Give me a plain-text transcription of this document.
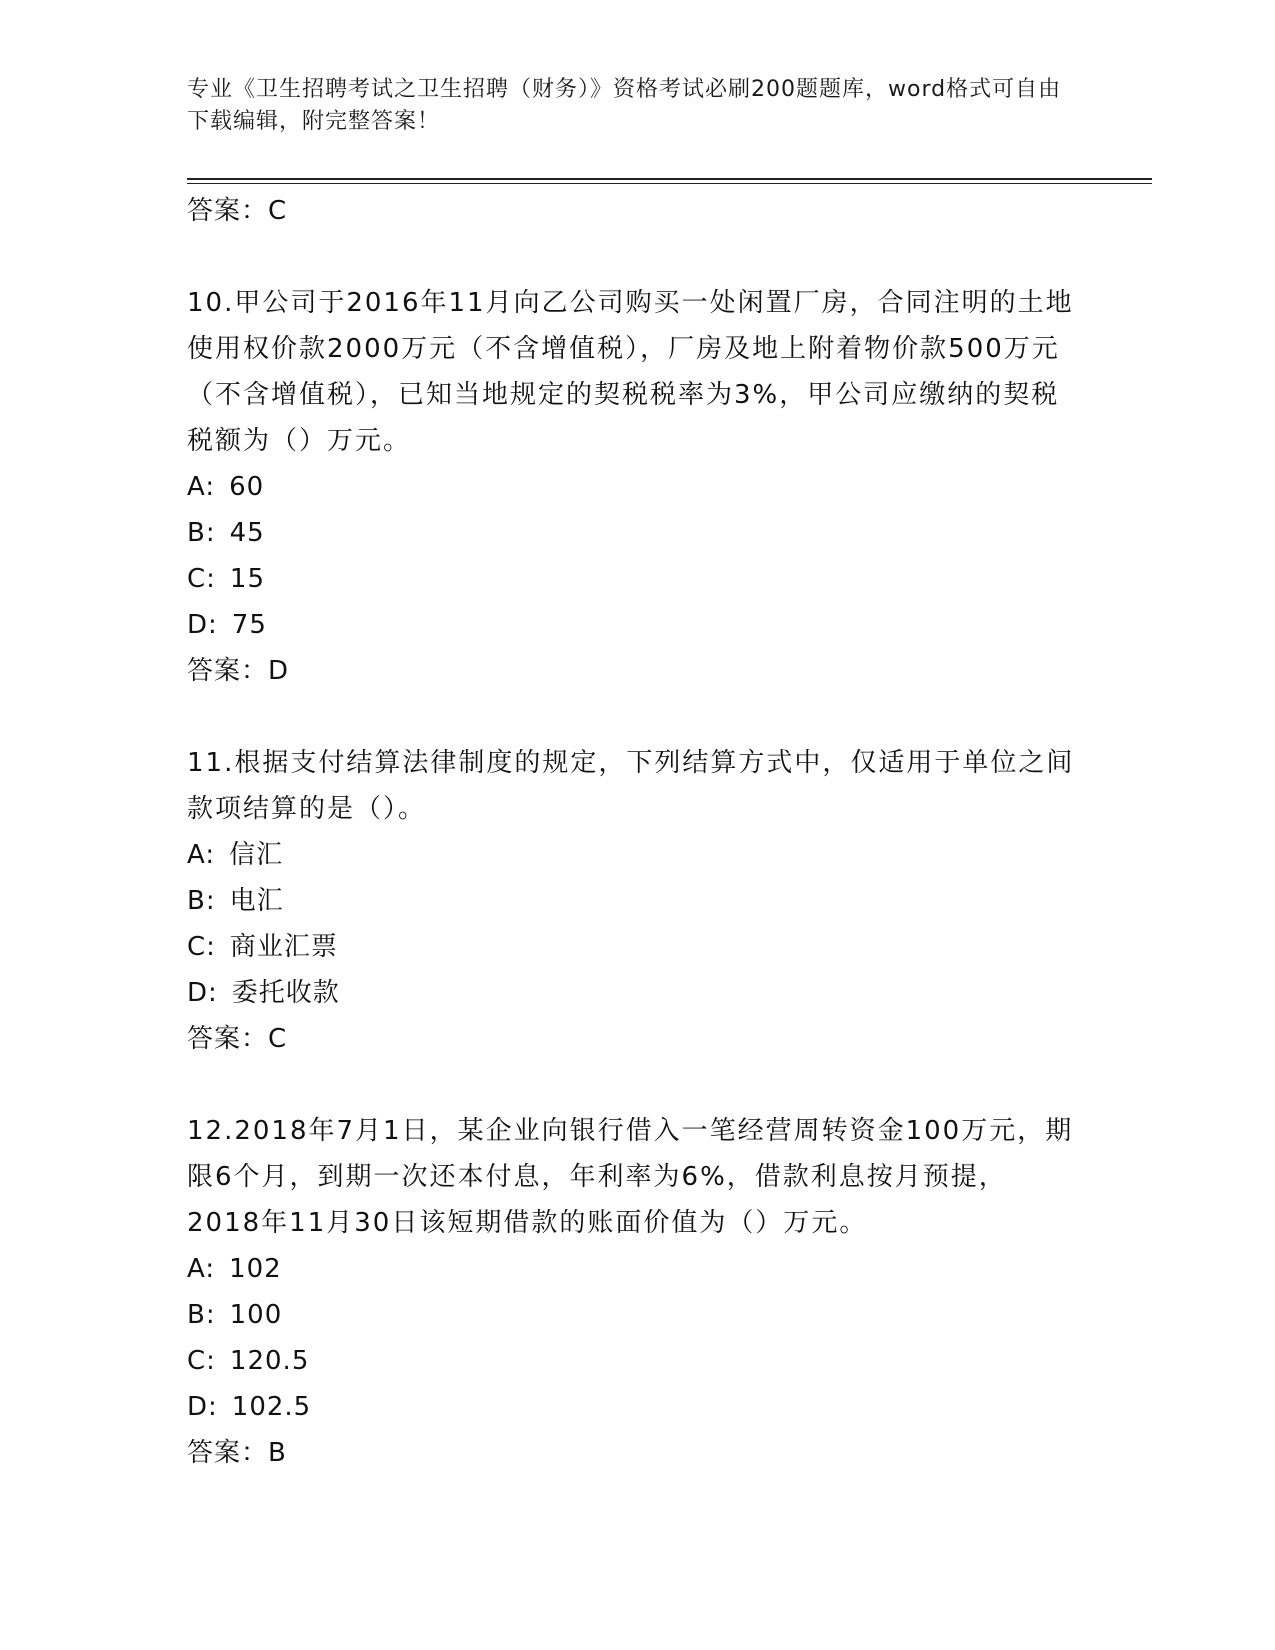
专业《卫生招聘考试之卫生招聘（财务）》资格考试必刷200题题库，word格式可自由下载编辑，附完整答案！
答案：C
10.甲公司于2016年11月向乙公司购买一处闲置厂房，合同注明的土地使用权价款2000万元（不含增值税），厂房及地上附着物价款500万元（不含增值税），已知当地规定的契税税率为3%，甲公司应缴纳的契税税额为（）万元。
A: 60
B: 45
C: 15
D: 75
答案：D
11.根据支付结算法律制度的规定，下列结算方式中，仅适用于单位之间款项结算的是（）。
A: 信汇
B: 电汇
C: 商业汇票
D: 委托收款
答案：C
12.2018年7月1日，某企业向银行借入一笔经营周转资金100万元，期限6个月，到期一次还本付息，年利率为6%，借款利息按月预提，2018年11月30日该短期借款的账面价值为（）万元。
A: 102
B: 100
C: 120.5
D: 102.5
答案：B
